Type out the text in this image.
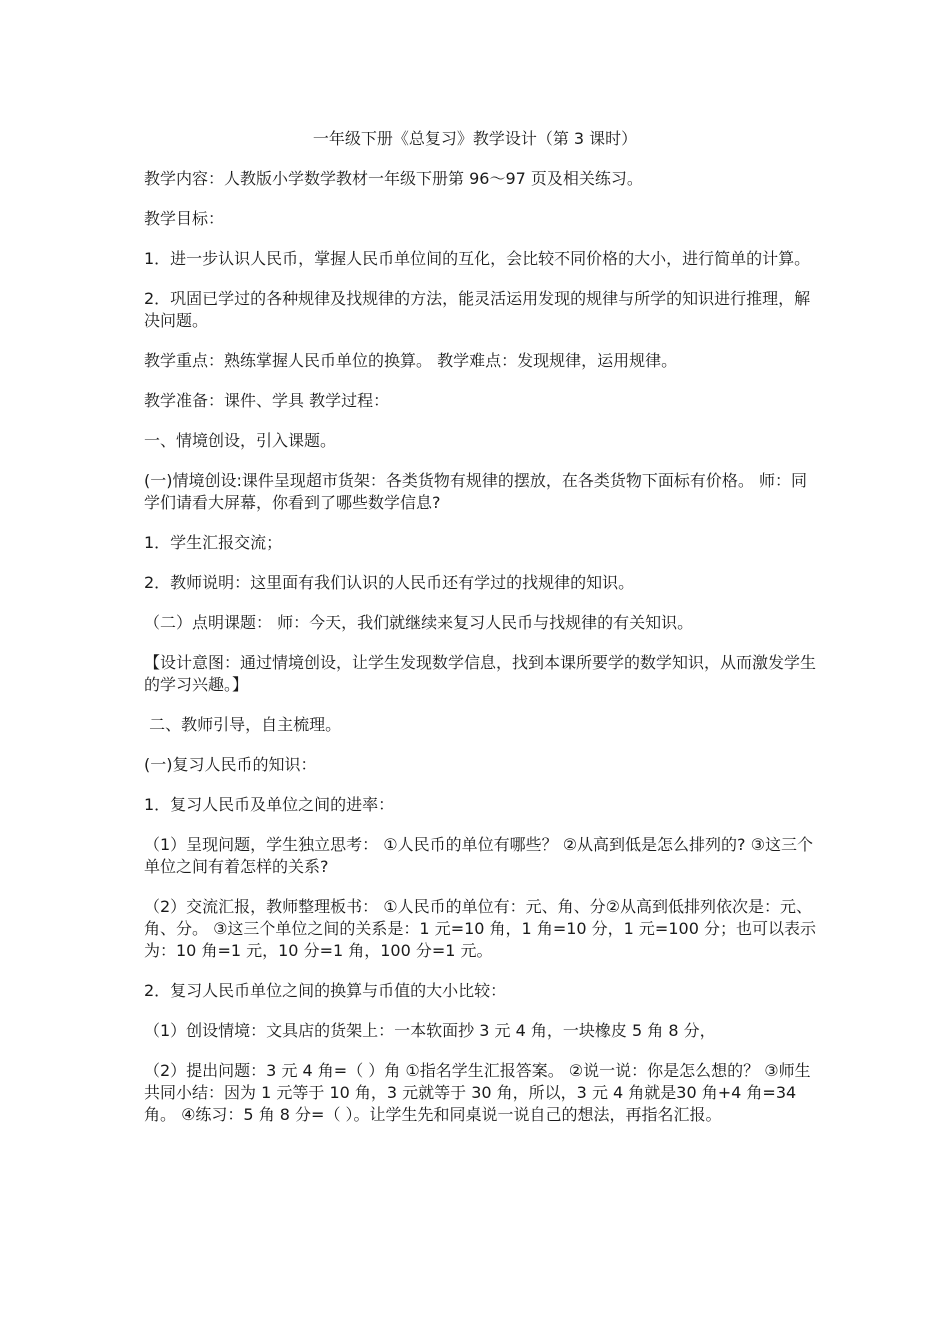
一年级下册《总复习》教学设计（第 3 课时）

教学内容：人教版小学数学教材一年级下册第 96～97 页及相关练习。

教学目标：

1．进一步认识人民币，掌握人民币单位间的互化，会比较不同价格的大小，进行简单的计算。

2．巩固已学过的各种规律及找规律的方法，能灵活运用发现的规律与所学的知识进行推理，解决问题。

教学重点：熟练掌握人民币单位的换算。 教学难点：发现规律，运用规律。

教学准备：课件、学具 教学过程：

一、情境创设，引入课题。

(一)情境创设:课件呈现超市货架：各类货物有规律的摆放，在各类货物下面标有价格。 师：同学们请看大屏幕，你看到了哪些数学信息?

1．学生汇报交流；

2．教师说明：这里面有我们认识的人民币还有学过的找规律的知识。

（二）点明课题： 师：今天，我们就继续来复习人民币与找规律的有关知识。

【设计意图：通过情境创设，让学生发现数学信息，找到本课所要学的数学知识，从而激发学生的学习兴趣。】

二、教师引导，自主梳理。

(一)复习人民币的知识：

1．复习人民币及单位之间的进率：

（1）呈现问题，学生独立思考： ①人民币的单位有哪些？ ②从高到低是怎么排列的? ③这三个单位之间有着怎样的关系?

（2）交流汇报，教师整理板书： ①人民币的单位有：元、角、分②从高到低排列依次是：元、角、分。 ③这三个单位之间的关系是：1 元=10 角，1 角=10 分，1 元=100 分；也可以表示为：10 角=1 元，10 分=1 角，100 分=1 元。

2．复习人民币单位之间的换算与币值的大小比较：

（1）创设情境：文具店的货架上：一本软面抄 3 元 4 角，一块橡皮 5 角 8 分，

（2）提出问题：3 元 4 角=（ ）角 ①指名学生汇报答案。 ②说一说：你是怎么想的？ ③师生共同小结：因为 1 元等于 10 角，3 元就等于 30 角，所以，3 元 4 角就是30 角+4 角=34 角。 ④练习：5 角 8 分=（ ）。让学生先和同桌说一说自己的想法，再指名汇报。
